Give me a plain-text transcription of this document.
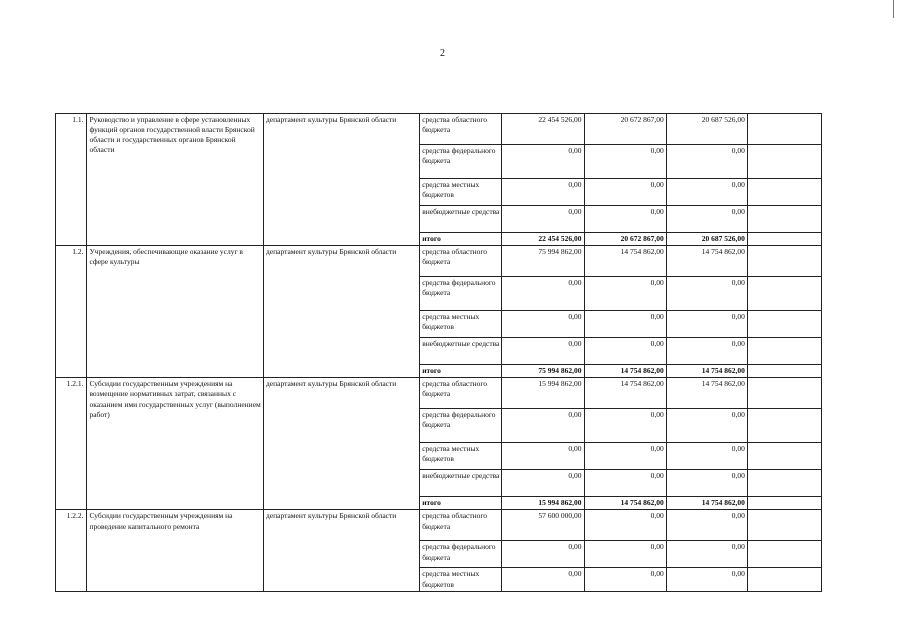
2
1.1.	Руководство и управление в сфере установленных функций органов государственной власти Брянской области и государственных органов Брянской области	департамент культуры Брянской области	средства областного бюджета	22 454 526,00	20 672 867,00	20 687 526,00	
			средства федерального бюджета	0,00	0,00	0,00	
			средства местных бюджетов	0,00	0,00	0,00	
			внебюджетные средства	0,00	0,00	0,00	
			итого	22 454 526,00	20 672 867,00	20 687 526,00	
1.2.	Учреждения, обеспечивающие оказание услуг в сфере культуры	департамент культуры Брянской области	средства областного бюджета	75 994 862,00	14 754 862,00	14 754 862,00	
			средства федерального бюджета	0,00	0,00	0,00	
			средства местных бюджетов	0,00	0,00	0,00	
			внебюджетные средства	0,00	0,00	0,00	
			итого	75 994 862,00	14 754 862,00	14 754 862,00	
1.2.1.	Субсидии государственным учреждениям на возмещение нормативных затрат, связанных с оказанием ими государственных услуг (выполнением работ)	департамент культуры Брянской области	средства областного бюджета	15 994 862,00	14 754 862,00	14 754 862,00	
			средства федерального бюджета	0,00	0,00	0,00	
			средства местных бюджетов	0,00	0,00	0,00	
			внебюджетные средства	0,00	0,00	0,00	
			итого	15 994 862,00	14 754 862,00	14 754 862,00	
1.2.2.	Субсидии государственным учреждениям на проведение капитального ремонта	департамент культуры Брянской области	средства областного бюджета	57 600 000,00	0,00	0,00	
			средства федерального бюджета	0,00	0,00	0,00	
			средства местных бюджетов	0,00	0,00	0,00	
